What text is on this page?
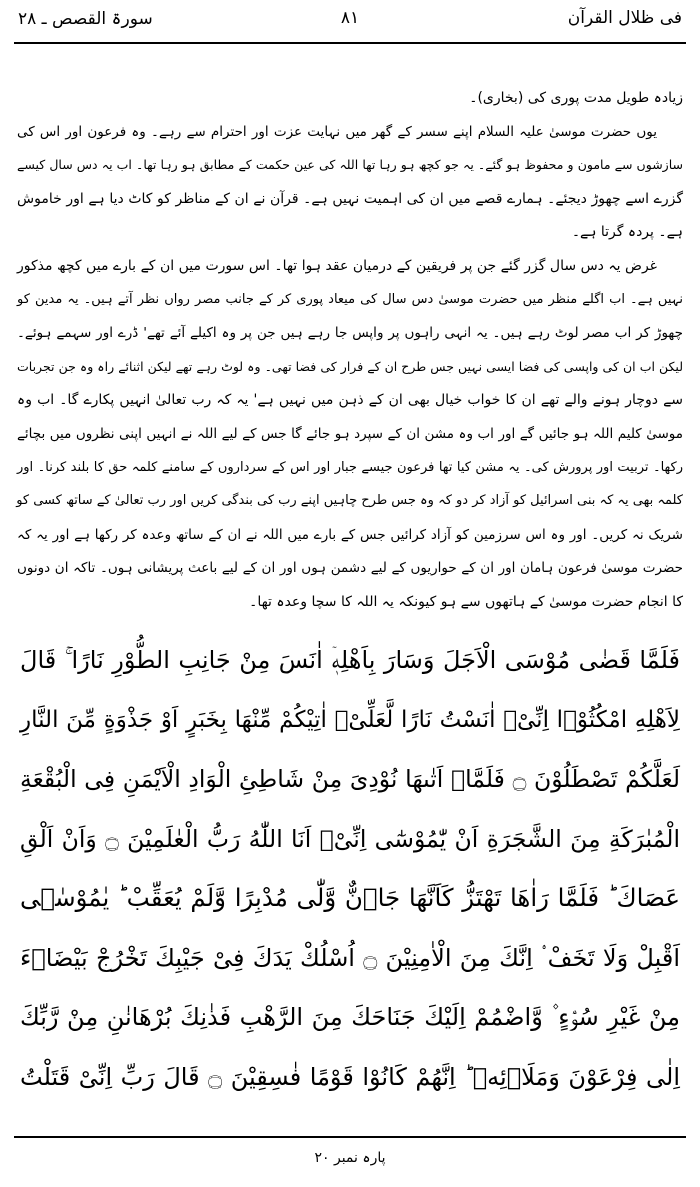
فی ظلال القرآن
۸۱
سورۃ القصص ـ ۲۸
زیادہ طویل مدت پوری کی (بخاری)۔
یوں حضرت موسیٰ علیہ السلام اپنے سسر کے گھر میں نہایت عزت اور احترام سے رہے۔ وہ فرعون اور اس کی
سازشوں سے مامون و محفوظ ہو گئے۔ یہ جو کچھ ہو رہا تھا اللہ کی عین حکمت کے مطابق ہو رہا تھا۔ اب یہ دس سال کیسے
گزرے اسے چھوڑ دیجئے۔ ہمارے قصے میں ان کی اہمیت نہیں ہے۔ قرآن نے ان کے مناظر کو کاٹ دیا ہے اور خاموش
ہے۔ پردہ گرتا ہے۔
غرض یہ دس سال گزر گئے جن پر فریقین کے درمیان عقد ہوا تھا۔ اس سورت میں ان کے بارے میں کچھ مذکور
نہیں ہے۔ اب اگلے منظر میں حضرت موسیٰ دس سال کی میعاد پوری کر کے جانب مصر رواں نظر آتے ہیں۔ یہ مدین کو
چھوڑ کر اب مصر لوٹ رہے ہیں۔ یہ انہی راہوں پر واپس جا رہے ہیں جن پر وہ اکیلے آئے تھے' ڈرے اور سہمے ہوئے۔
لیکن اب ان کی واپسی کی فضا ایسی نہیں جس طرح ان کے فرار کی فضا تھی۔ وہ لوٹ رہے تھے لیکن اثنائے راہ وہ جن تجربات
سے دوچار ہونے والے تھے ان کا خواب خیال بھی ان کے ذہن میں نہیں ہے' یہ کہ رب تعالیٰ انہیں پکارے گا۔ اب وہ
موسیٰ کلیم اللہ ہو جائیں گے اور اب وہ مشن ان کے سپرد ہو جائے گا جس کے لیے اللہ نے انہیں اپنی نظروں میں بچائے
رکھا۔ تربیت اور پرورش کی۔ یہ مشن کیا تھا فرعون جیسے جبار اور اس کے سرداروں کے سامنے کلمہ حق کا بلند کرنا۔ اور
کلمہ بھی یہ کہ بنی اسرائیل کو آزاد کر دو کہ وہ جس طرح چاہیں اپنے رب کی بندگی کریں اور رب تعالیٰ کے ساتھ کسی کو
شریک نہ کریں۔ اور وہ اس سرزمین کو آزاد کرائیں جس کے بارے میں اللہ نے ان کے ساتھ وعدہ کر رکھا ہے اور یہ کہ
حضرت موسیٰ فرعون ہامان اور ان کے حواریوں کے لیے دشمن ہوں اور ان کے لیے باعث پریشانی ہوں۔ تاکہ ان دونوں
کا انجام حضرت موسیٰ کے ہاتھوں سے ہو کیونکہ یہ اللہ کا سچا وعدہ تھا۔
فَلَمَّا قَضٰى مُوْسَى الْاَجَلَ وَسَارَ بِاَهْلِهٖۤ اٰنَسَ مِنْ جَانِبِ الطُّوْرِ نَارًا ۚ قَالَ
لِاَهْلِهِ امْكُثُوْۤا اِنِّىْۤ اٰنَسْتُ نَارًا لَّعَلِّىْۤ اٰتِيْكُمْ مِّنْهَا بِخَبَرٍ اَوْ جَذْوَةٍ مِّنَ النَّارِ
لَعَلَّكُمْ تَصْطَلُوْنَ ۝ فَلَمَّاۤ اَتٰىهَا نُوْدِىَ مِنْ شَاطِئِ الْوَادِ الْاَيْمَنِ فِى الْبُقْعَةِ
الْمُبٰرَكَةِ مِنَ الشَّجَرَةِ اَنْ يّٰمُوْسٰٓى اِنِّىْۤ اَنَا اللّٰهُ رَبُّ الْعٰلَمِيْنَ ۝ وَاَنْ اَلْقِ
عَصَاكَ ؕ فَلَمَّا رَاٰهَا تَهْتَزُّ كَاَنَّهَا جَاۤنٌّ وَّلّٰى مُدْبِرًا وَّلَمْ يُعَقِّبْ ؕ يٰمُوْسٰۤى
اَقْبِلْ وَلَا تَخَفْ ۟ اِنَّكَ مِنَ الْاٰمِنِيْنَ ۝ اُسْلُكْ يَدَكَ فِىْ جَيْبِكَ تَخْرُجْ بَيْضَاۤءَ
مِنْ غَيْرِ سُوْۤءٍ ۫ وَّاضْمُمْ اِلَيْكَ جَنَاحَكَ مِنَ الرَّهْبِ فَذٰنِكَ بُرْهَانٰنِ مِنْ رَّبِّكَ
اِلٰى فِرْعَوْنَ وَمَلَا۟ئِهٖ ؕ اِنَّهُمْ كَانُوْا قَوْمًا فٰسِقِيْنَ ۝ قَالَ رَبِّ اِنِّىْ قَتَلْتُ
پارہ نمبر ۲۰
